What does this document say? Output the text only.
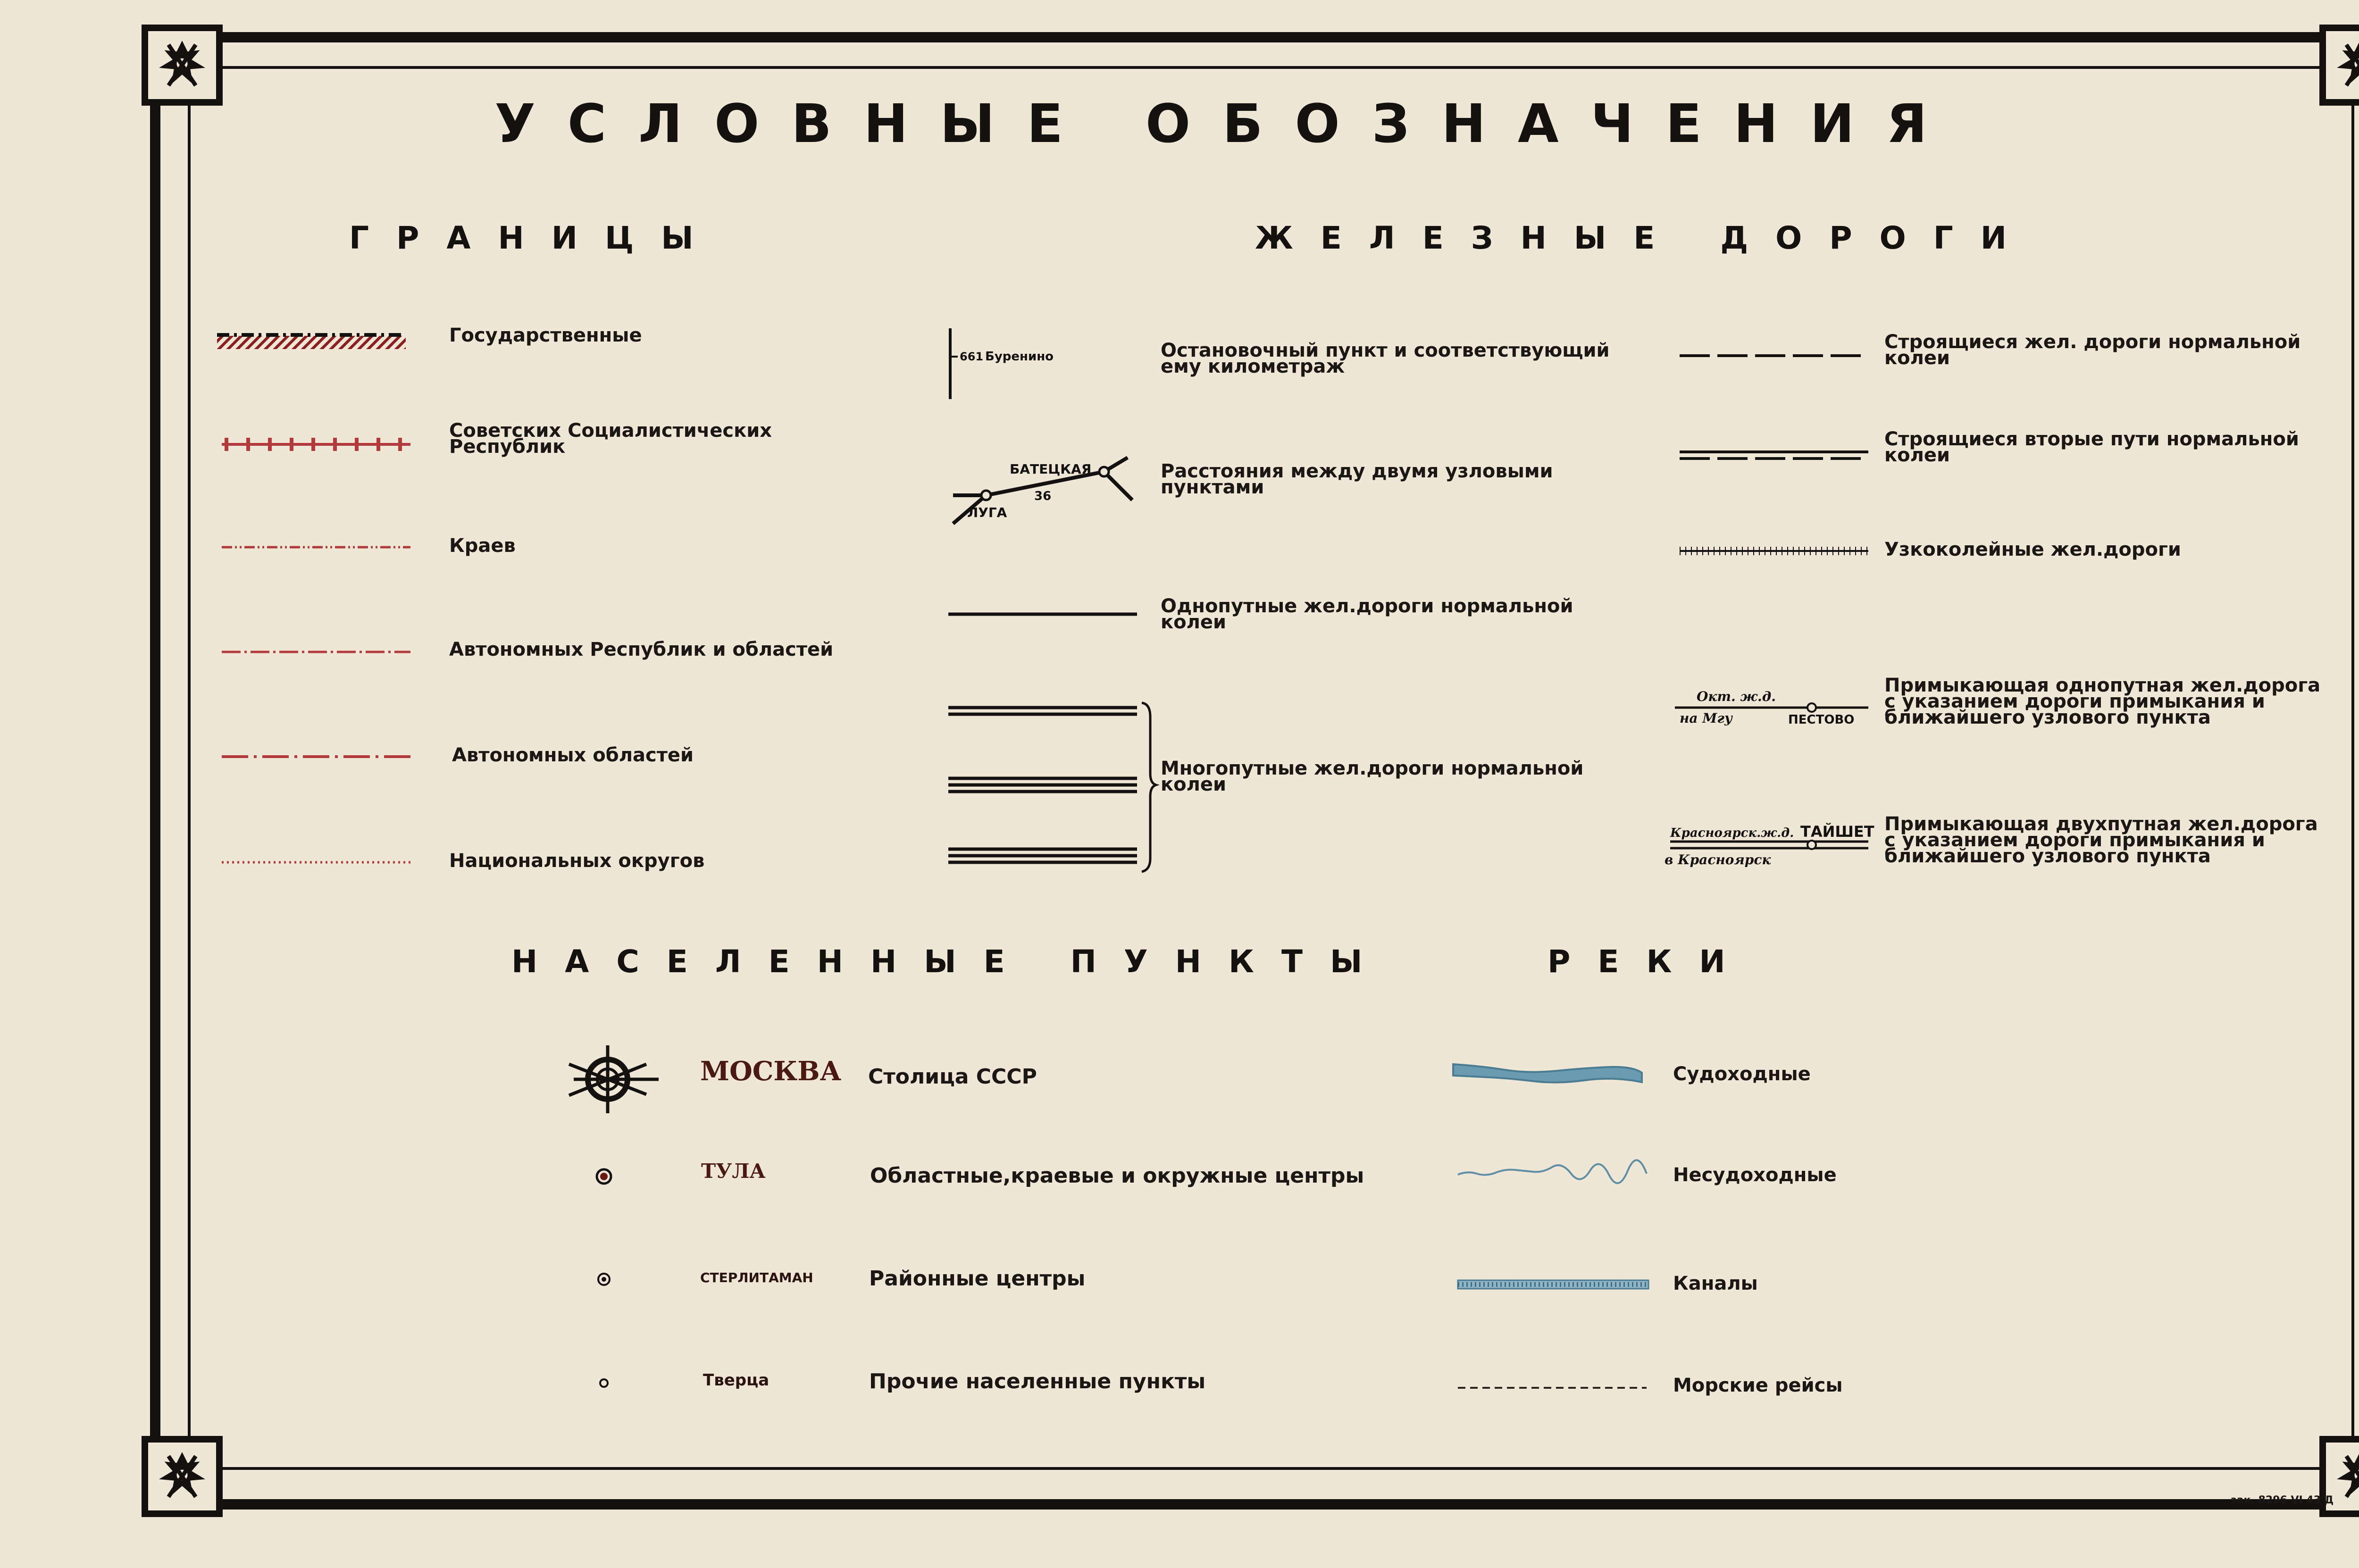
УСЛОВНЫЕ ОБОЗНАЧЕНИЯ
ГРАНИЦЫ	ЖЕЛЕЗНЫЕ ДОРОГИ
НАСЕЛЕННЫЕ ПУНКТЫ	РЕКИ
Государственные
Советских Социалистических
Республик
Краев
Автономных Республик и областей
Автономных областей
Национальных округов
661 Буренино	Остановочный пункт и соответствующий
ему километраж
БАТЕЦКАЯ
ЛУГА
36
Расстояния между двумя узловыми
пунктами
Однопутные жел.дороги нормальной
колеи
Многопутные жел.дороги нормальной
колеи
Строящиеся жел. дороги нормальной
колеи
Строящиеся вторые пути нормальной
колеи
Узкоколейные жел.дороги
Окт. ж.д.
на Мгу	ПЕСТОВО
Примыкающая однопутная жел.дорога
с указанием дороги примыкания и
ближайшего узлового пункта
Красноярск.ж.д. ТАЙШЕТ
в Красноярск
Примыкающая двухпутная жел.дорога
с указанием дороги примыкания и
ближайшего узлового пункта
МОСКВА Столица СССР
ТУЛА	Областные,краевые и окружные центры
СТЕРЛИТАМАН	Районные центры
Тверца	Прочие населенные пункты
Судоходные
Несудоходные
Каналы
Морские рейсы
зак. 8296 VI 43 Д
